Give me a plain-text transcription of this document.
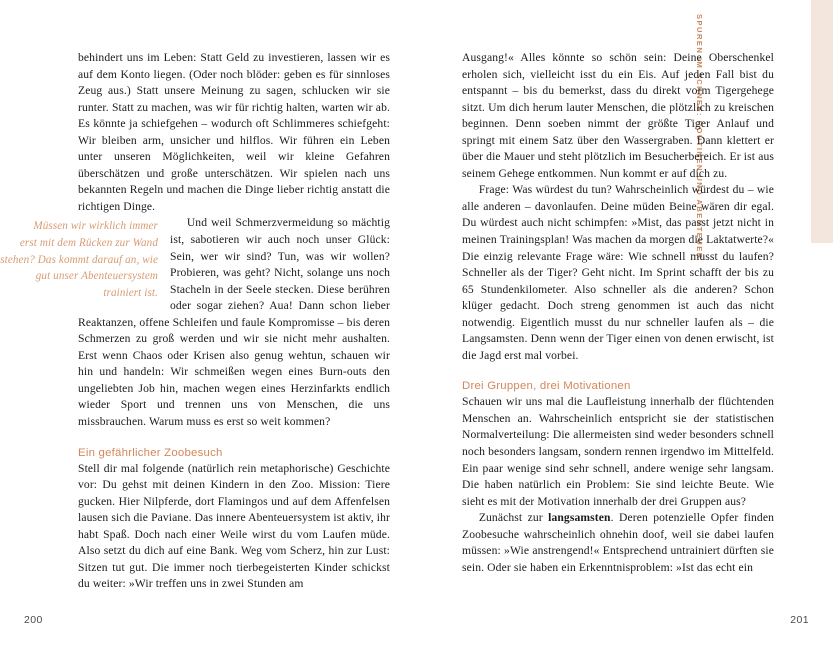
behindert uns im Leben: Statt Geld zu investieren, lassen wir es auf dem Konto liegen. (Oder noch blöder: geben es für sinnloses Zeug aus.) Statt unsere Meinung zu sagen, schlucken wir sie runter. Statt zu machen, was wir für richtig halten, warten wir ab. Es könnte ja schiefgehen – wodurch oft Schlimmeres schiefgeht: Wir bleiben arm, unsicher und hilflos. Wir führen ein Leben unter unseren Möglichkeiten, weil wir kleine Gefahren überschätzen und große unterschätzen. Wir spielen nach uns bekannten Regeln und machen die Dinge lieber richtig anstatt die richtigen Dinge.

Müssen wir wirklich immer erst mit dem Rücken zur Wand stehen? Das kommt darauf an, wie gut unser Abenteuersystem trainiert ist.
Und weil Schmerzvermeidung so mächtig ist, sabotieren wir auch noch unser Glück: Sein, wer wir sind? Tun, was wir wollen? Probieren, was geht? Nicht, solange uns noch Stacheln in der Seele stecken. Diese berühren oder sogar ziehen? Aua! Dann schon lieber Reaktanzen, offene Schleifen und faule Kompromisse – bis deren Schmerzen zu groß werden und wir sie nicht mehr aushalten. Erst wenn Chaos oder Krisen also genug wehtun, schauen wir hin und handeln: Wir schmeißen wegen eines Burn-outs den ungeliebten Job hin, machen wegen eines Herzinfarkts endlich wieder Sport und trennen uns von Menschen, die uns missbrauchen. Warum muss es erst so weit kommen?

Ein gefährlicher Zoobesuch

Stell dir mal folgende (natürlich rein metaphorische) Geschichte vor: Du gehst mit deinen Kindern in den Zoo. Mission: Tiere gucken. Hier Nilpferde, dort Flamingos und auf dem Affenfelsen lausen sich die Paviane. Das innere Abenteuersystem ist aktiv, ihr habt Spaß. Doch nach einer Weile wirst du vom Laufen müde. Also setzt du dich auf eine Bank. Weg vom Scherz, hin zur Lust: Sitzen tut gut. Die immer noch tierbegeisterten Kinder schickst du weiter: »Wir treffen uns in zwei Stunden am

200
SPUREN IM SCHNEE: ROUTINEN UND ABENTEUER

Ausgang!« Alles könnte so schön sein: Deine Oberschenkel erholen sich, vielleicht isst du ein Eis. Auf jeden Fall bist du entspannt – bis du bemerkst, dass du direkt vorm Tigergehege sitzt. Um dich herum lauter Menschen, die plötzlich zu kreischen beginnen. Denn soeben nimmt der größte Tiger Anlauf und springt mit einem Satz über den Wassergraben. Dann klettert er über die Mauer und steht plötzlich im Besucherbereich. Er ist aus seinem Gehege entkommen. Nun kommt er auf dich zu.

Frage: Was würdest du tun? Wahrscheinlich würdest du – wie alle anderen – davonlaufen. Deine müden Beine wären dir egal. Du würdest auch nicht schimpfen: »Mist, das passt jetzt nicht in meinen Trainingsplan! Was machen da morgen die Laktatwerte?« Die einzig relevante Frage wäre: Wie schnell musst du laufen? Schneller als der Tiger? Geht nicht. Im Sprint schafft der bis zu 65 Stundenkilometer. Also schneller als die anderen? Schon klüger gedacht. Doch streng genommen ist auch das nicht notwendig. Eigentlich musst du nur schneller laufen als – die Langsamsten. Denn wenn der Tiger einen von denen erwischt, ist die Jagd erst mal vorbei.

Drei Gruppen, drei Motivationen

Schauen wir uns mal die Laufleistung innerhalb der flüchtenden Menschen an. Wahrscheinlich entspricht sie der statistischen Normalverteilung: Die allermeisten sind weder besonders schnell noch besonders langsam, sondern rennen irgendwo im Mittelfeld. Ein paar wenige sind sehr schnell, andere wenige sehr langsam. Die haben natürlich ein Problem: Sie sind leichte Beute. Wie sieht es mit der Motivation innerhalb der drei Gruppen aus?

Zunächst zur langsamsten. Deren potenzielle Opfer finden Zoobesuche wahrscheinlich ohnehin doof, weil sie dabei laufen müssen: »Wie anstrengend!« Entsprechend untrainiert dürften sie sein. Oder sie haben ein Erkenntnisproblem: »Ist das echt ein

201
